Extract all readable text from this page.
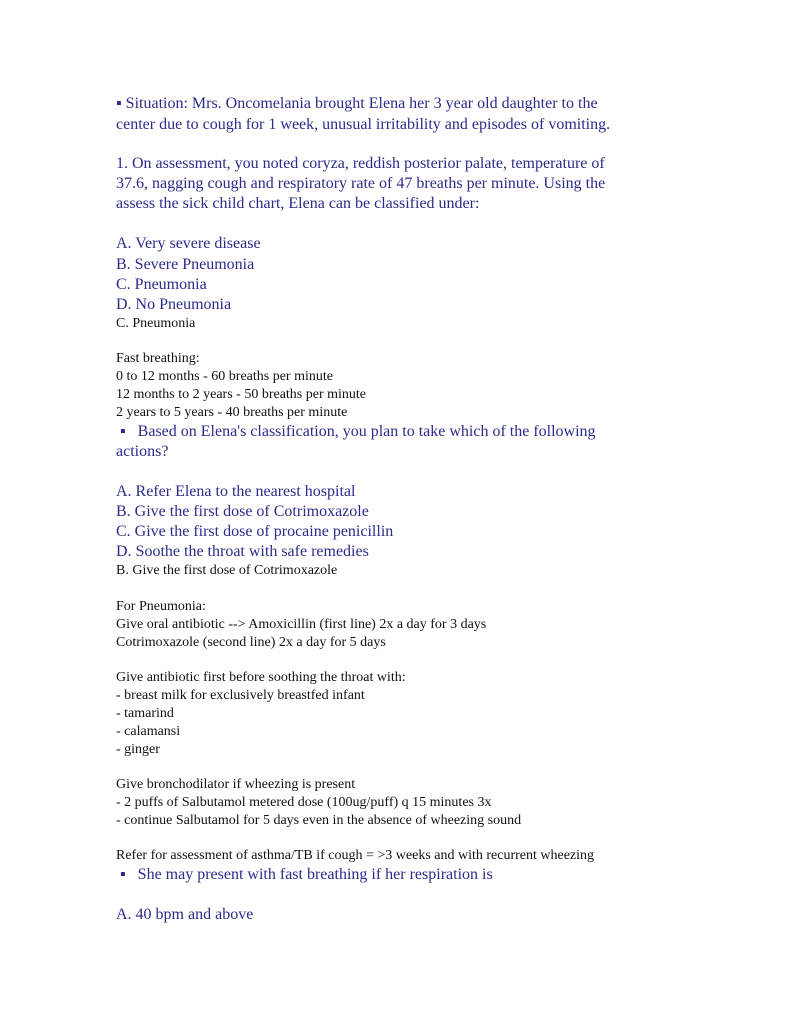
▪ Situation: Mrs. Oncomelania brought Elena her 3 year old daughter to the

center due to cough for 1 week, unusual irritability and episodes of vomiting.

1. On assessment, you noted coryza, reddish posterior palate, temperature of

37.6, nagging cough and respiratory rate of 47 breaths per minute. Using the

assess the sick child chart, Elena can be classified under:

A. Very severe disease

B. Severe Pneumonia

C. Pneumonia

D. No Pneumonia

C. Pneumonia

Fast breathing:

0 to 12 months - 60 breaths per minute

12 months to 2 years - 50 breaths per minute

2 years to 5 years - 40 breaths per minute

▪ Based on Elena's classification, you plan to take which of the following

actions?

A. Refer Elena to the nearest hospital

B. Give the first dose of Cotrimoxazole

C. Give the first dose of procaine penicillin

D. Soothe the throat with safe remedies

B. Give the first dose of Cotrimoxazole

For Pneumonia:

Give oral antibiotic --> Amoxicillin (first line) 2x a day for 3 days

Cotrimoxazole (second line) 2x a day for 5 days

Give antibiotic first before soothing the throat with:

- breast milk for exclusively breastfed infant

- tamarind

- calamansi

- ginger

Give bronchodilator if wheezing is present

- 2 puffs of Salbutamol metered dose (100ug/puff) q 15 minutes 3x

- continue Salbutamol for 5 days even in the absence of wheezing sound

Refer for assessment of asthma/TB if cough = >3 weeks and with recurrent wheezing

▪ She may present with fast breathing if her respiration is

A. 40 bpm and above
